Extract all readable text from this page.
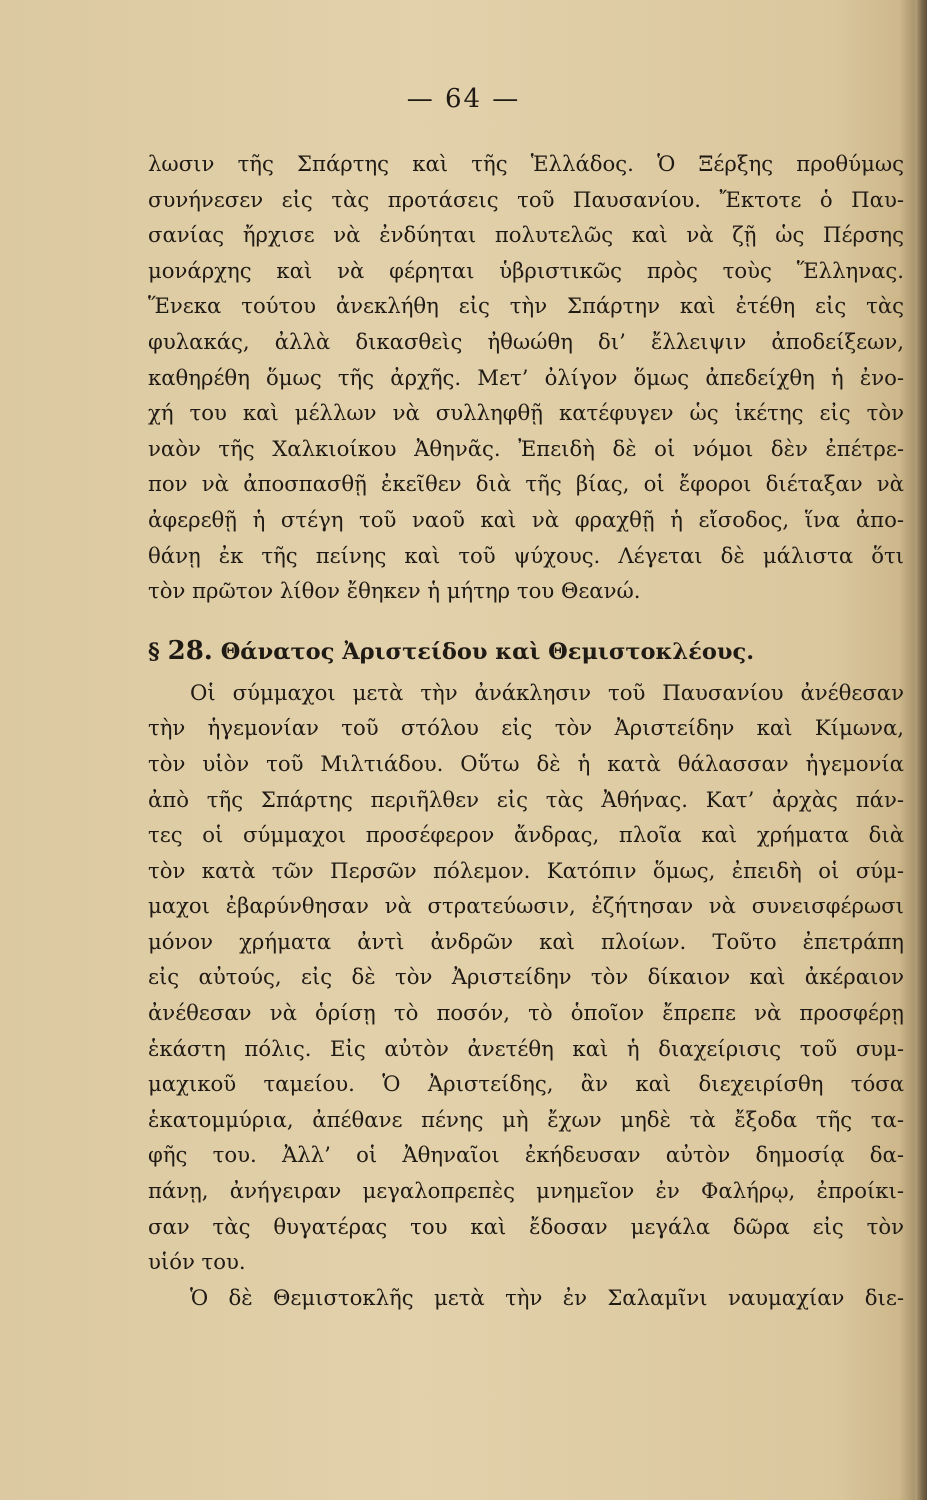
— 64 —
λωσιν τῆς Σπάρτης καὶ τῆς Ἑλλάδος. Ὁ Ξέρξης προθύμως
συνήνεσεν εἰς τὰς προτάσεις τοῦ Παυσανίου. Ἔκτοτε ὁ Παυ-
σανίας ἤρχισε νὰ ἐνδύηται πολυτελῶς καὶ νὰ ζῇ ὡς Πέρσης
μονάρχης καὶ νὰ φέρηται ὑβριστικῶς πρὸς τοὺς Ἕλληνας.
Ἕνεκα τούτου ἀνεκλήθη εἰς τὴν Σπάρτην καὶ ἐτέθη εἰς τὰς
φυλακάς, ἀλλὰ δικασθεὶς ἠθωώθη δι’ ἔλλειψιν ἀποδείξεων,
καθηρέθη ὅμως τῆς ἀρχῆς. Μετ’ ὀλίγον ὅμως ἀπεδείχθη ἡ ἐνο-
χή του καὶ μέλλων νὰ συλληφθῇ κατέφυγεν ὡς ἱκέτης εἰς τὸν
ναὸν τῆς Χαλκιοίκου Ἀθηνᾶς. Ἐπειδὴ δὲ οἱ νόμοι δὲν ἐπέτρε-
πον νὰ ἀποσπασθῇ ἐκεῖθεν διὰ τῆς βίας, οἱ ἔφοροι διέταξαν νὰ
ἀφερεθῇ ἡ στέγη τοῦ ναοῦ καὶ νὰ φραχθῇ ἡ εἴσοδος, ἵνα ἀπο-
θάνῃ ἐκ τῆς πείνης καὶ τοῦ ψύχους. Λέγεται δὲ μάλιστα ὅτι
τὸν πρῶτον λίθον ἔθηκεν ἡ μήτηρ του Θεανώ.
§ 28. Θάνατος Ἀριστείδου καὶ Θεμιστοκλέους.
Οἱ σύμμαχοι μετὰ τὴν ἀνάκλησιν τοῦ Παυσανίου ἀνέθεσαν
τὴν ἡγεμονίαν τοῦ στόλου εἰς τὸν Ἀριστείδην καὶ Κίμωνα,
τὸν υἱὸν τοῦ Μιλτιάδου. Οὕτω δὲ ἡ κατὰ θάλασσαν ἡγεμονία
ἀπὸ τῆς Σπάρτης περιῆλθεν εἰς τὰς Ἀθήνας. Κατ’ ἀρχὰς πάν-
τες οἱ σύμμαχοι προσέφερον ἄνδρας, πλοῖα καὶ χρήματα διὰ
τὸν κατὰ τῶν Περσῶν πόλεμον. Κατόπιν ὅμως, ἐπειδὴ οἱ σύμ-
μαχοι ἐβαρύνθησαν νὰ στρατεύωσιν, ἐζήτησαν νὰ συνεισφέρωσι
μόνον χρήματα ἀντὶ ἀνδρῶν καὶ πλοίων. Τοῦτο ἐπετράπη
εἰς αὐτούς, εἰς δὲ τὸν Ἀριστείδην τὸν δίκαιον καὶ ἀκέραιον
ἀνέθεσαν νὰ ὁρίσῃ τὸ ποσόν, τὸ ὁποῖον ἔπρεπε νὰ προσφέρῃ
ἑκάστη πόλις. Εἰς αὐτὸν ἀνετέθη καὶ ἡ διαχείρισις τοῦ συμ-
μαχικοῦ ταμείου. Ὁ Ἀριστείδης, ἂν καὶ διεχειρίσθη τόσα
ἑκατομμύρια, ἀπέθανε πένης μὴ ἔχων μηδὲ τὰ ἔξοδα τῆς τα-
φῆς του. Ἀλλ’ οἱ Ἀθηναῖοι ἐκήδευσαν αὐτὸν δημοσίᾳ δα-
πάνῃ, ἀνήγειραν μεγαλοπρεπὲς μνημεῖον ἐν Φαλήρῳ, ἐπροίκι-
σαν τὰς θυγατέρας του καὶ ἔδοσαν μεγάλα δῶρα εἰς τὸν
υἱόν του.
Ὁ δὲ Θεμιστοκλῆς μετὰ τὴν ἐν Σαλαμῖνι ναυμαχίαν διε-
